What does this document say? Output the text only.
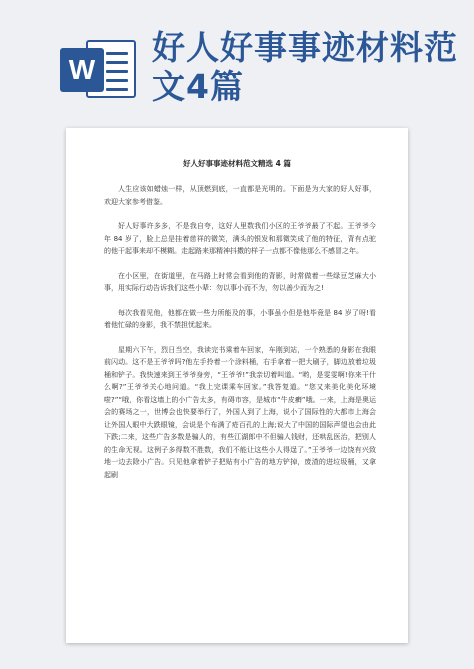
W
好人好事事迹材料范文4篇
好人好事事迹材料范文精选 4 篇

人生应该如蜡烛一样，从顶燃到底，一直都是光明的。下面是为大家的好人好事，欢迎大家参考借鉴。

好人好事许多多，不是我自夸，这好人里数我们小区的王爷爷最了不起。王爷爷今年 84 岁了，脸上总是挂着慈祥的微笑，满头的银发和那微笑成了他的特征，背有点驼的他干起事来却不模糊。走起路来那精神抖擞的样子一点都不像他那么不感冒之年。

在小区里，在街道里，在马路上时常会看到他的背影，时常做着一些绿豆芝麻大小事，用实际行动告诉我们这些小辈：勿以事小而不为，勿以善少而为之!

每次我看见他，他都在做一些力所能及的事，小事虽小但是他毕竟是 84 岁了呀!看着他忙碌的身影，我不禁担忧起来。

星期六下午，烈日当空，我读完书乘着车回家，车刚到站，一个熟悉的身影在我眼前闪动。这不是王爷爷吗?他左手拎着一个涂料桶，右手拿着一把大刷子，脚边放着垃圾桶和铲子。我快速来到王爷爷身旁，“王爷爷!”我亲切着叫道。“哟，是雯雯啊!你来干什么啊?”王爷爷关心地问道。“我上完课乘车回家。”我答复道。“您又来美化美化环境啦?”“哦，你看这墙上的小广告太多，有碍市容，是城市“牛皮癣”哦。一来，上海是奥运会的赛场之一，世博会也快要举行了，外国人到了上海，说小了国际性的大都市上海会让外国人眼中大跌眼镜，会说是个布满了疮百孔的上海;说大了中国的国际声望也会由此下跌;二来，这些广告多数是骗人的，有些江湖郎中不但骗人钱财，还哄乱医治，把别人的生命无视。这例子多得数不胜数，我们不能让这些小人得逞了。”王爷爷一边饶有兴致地一边去除小广告。只见他拿着铲子把贴有小广告的地方铲掉，废渣的进垃圾桶，又拿起刷
